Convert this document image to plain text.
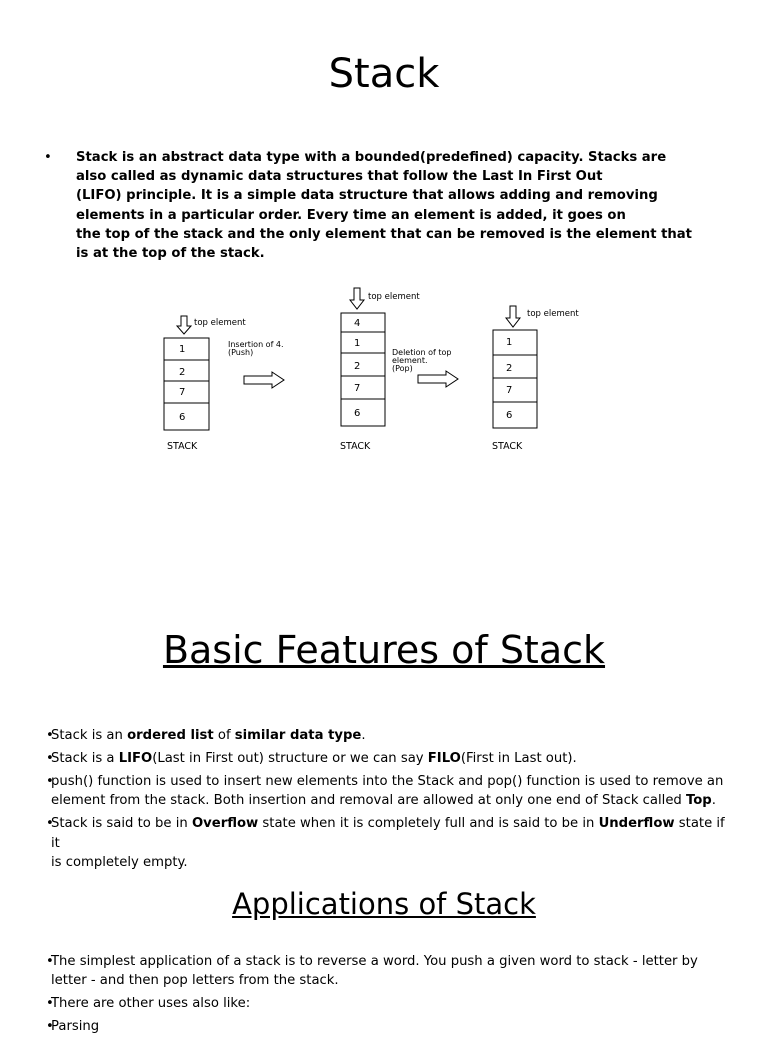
Stack
• Stack is an abstract data type with a bounded(predefined) capacity. Stacks are
also called as dynamic data structures that follow the Last In First Out
(LIFO) principle. It is a simple data structure that allows adding and removing
elements in a particular order. Every time an element is added, it goes on
the top of the stack and the only element that can be removed is the element that
is at the top of the stack.
top element
1
2
7
6
STACK
Insertion of 4.
(Push)
top element
4
1
2
7
6
STACK
Deletion of top
element.
(Pop)
top element
1
2
7
6
STACK
Basic Features of Stack
• Stack is an ordered list of similar data type.
• Stack is a LIFO(Last in First out) structure or we can say FILO(First in Last out).
• push() function is used to insert new elements into the Stack and pop() function is used to remove an
element from the stack. Both insertion and removal are allowed at only one end of Stack called Top.
• Stack is said to be in Overflow state when it is completely full and is said to be in Underflow state if it
is completely empty.
Applications of Stack
• The simplest application of a stack is to reverse a word. You push a given word to stack - letter by
letter - and then pop letters from the stack.
• There are other uses also like:
• Parsing
